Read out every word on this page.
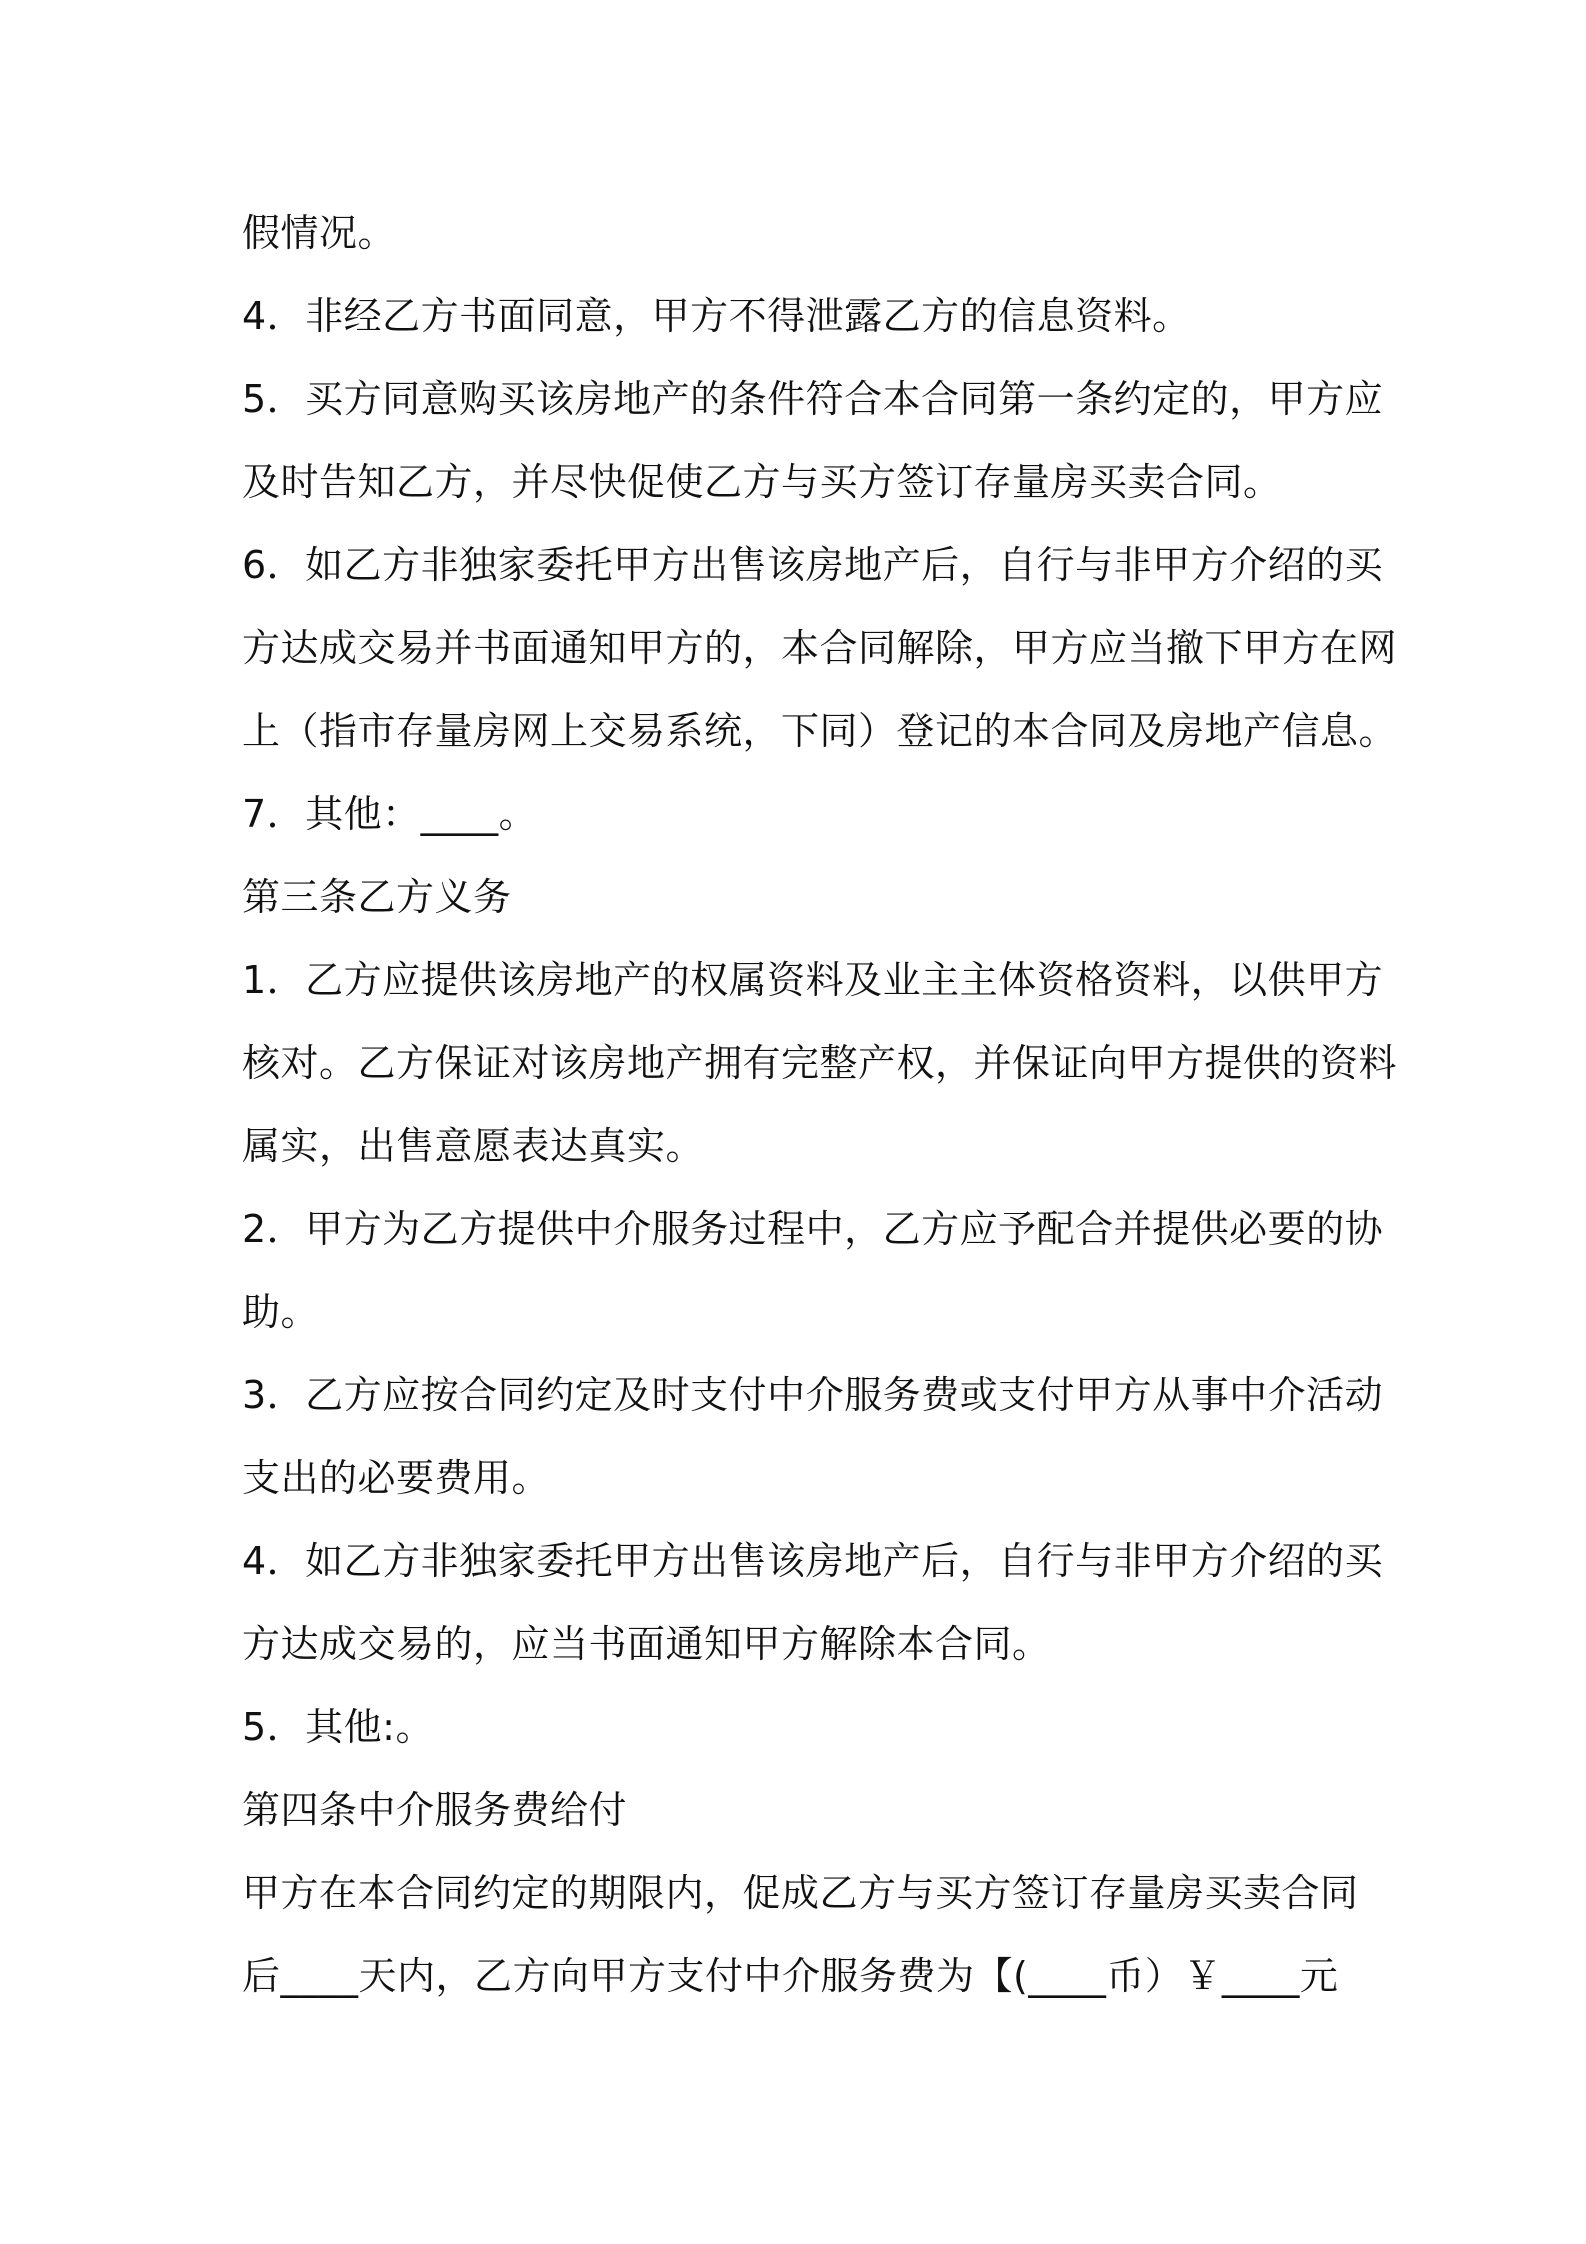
假情况。
4．非经乙方书面同意，甲方不得泄露乙方的信息资料。
5．买方同意购买该房地产的条件符合本合同第一条约定的，甲方应
及时告知乙方，并尽快促使乙方与买方签订存量房买卖合同。
6．如乙方非独家委托甲方出售该房地产后，自行与非甲方介绍的买
方达成交易并书面通知甲方的，本合同解除，甲方应当撤下甲方在网
上（指市存量房网上交易系统，下同）登记的本合同及房地产信息。
7．其他：____。
第三条乙方义务
1．乙方应提供该房地产的权属资料及业主主体资格资料，以供甲方
核对。乙方保证对该房地产拥有完整产权，并保证向甲方提供的资料
属实，出售意愿表达真实。
2．甲方为乙方提供中介服务过程中，乙方应予配合并提供必要的协
助。
3．乙方应按合同约定及时支付中介服务费或支付甲方从事中介活动
支出的必要费用。
4．如乙方非独家委托甲方出售该房地产后，自行与非甲方介绍的买
方达成交易的，应当书面通知甲方解除本合同。
5．其他:。
第四条中介服务费给付
甲方在本合同约定的期限内，促成乙方与买方签订存量房买卖合同
后____天内，乙方向甲方支付中介服务费为【(____币）￥____元
